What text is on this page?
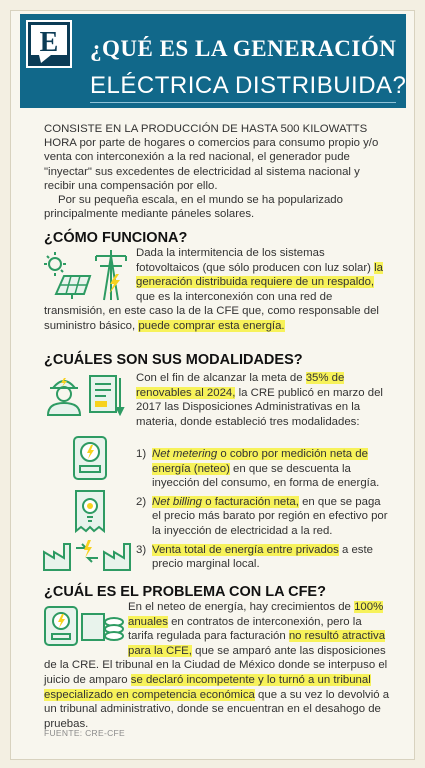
E ¿QUÉ ES LA GENERACIÓN
ELÉCTRICA DISTRIBUIDA?

CONSISTE EN LA PRODUCCIÓN DE HASTA 500 KILOWATTS HORA por parte de hogares o comercios para consumo propio y/o venta con interconexión a la red nacional, el generador pude "inyectar" sus excedentes de electricidad al sistema nacional y recibir una compensación por ello.

Por su pequeña escala, en el mundo se ha popularizado principalmente mediante páneles solares.

¿CÓMO FUNCIONA?
Dada la intermitencia de los sistemas fotovoltaicos (que sólo producen con luz solar) la generación distribuida requiere de un respaldo, que es la interconexión con una red de transmisión, en este caso la de la CFE que, como responsable del suministro básico, puede comprar esta energía.
¿CUÁLES SON SUS MODALIDADES?
Con el fin de alcanzar la meta de 35% de renovables al 2024, la CRE publicó en marzo del 2017 las Disposiciones Administrativas en la materia, donde estableció tres modalidades:
1) Net metering o cobro por medición neta de energía (neteo) en que se descuenta la inyección del consumo, en forma de energía.
2) Net billing o facturación neta, en que se paga el precio más barato por región en efectivo por la inyección de electricidad a la red.
3) Venta total de energía entre privados a este precio marginal local.
¿CUÁL ES EL PROBLEMA CON LA CFE?
En el neteo de energía, hay crecimientos de 100% anuales en contratos de interconexión, pero la tarifa regulada para facturación no resultó atractiva para la CFE, que se amparó ante las disposiciones de la CRE. El tribunal en la Ciudad de México donde se interpuso el juicio de amparo se declaró incompetente y lo turnó a un tribunal especializado en competencia económica que a su vez lo devolvió a un tribunal administrativo, donde se encuentran en el desahogo de pruebas.
FUENTE: CRE-CFE
